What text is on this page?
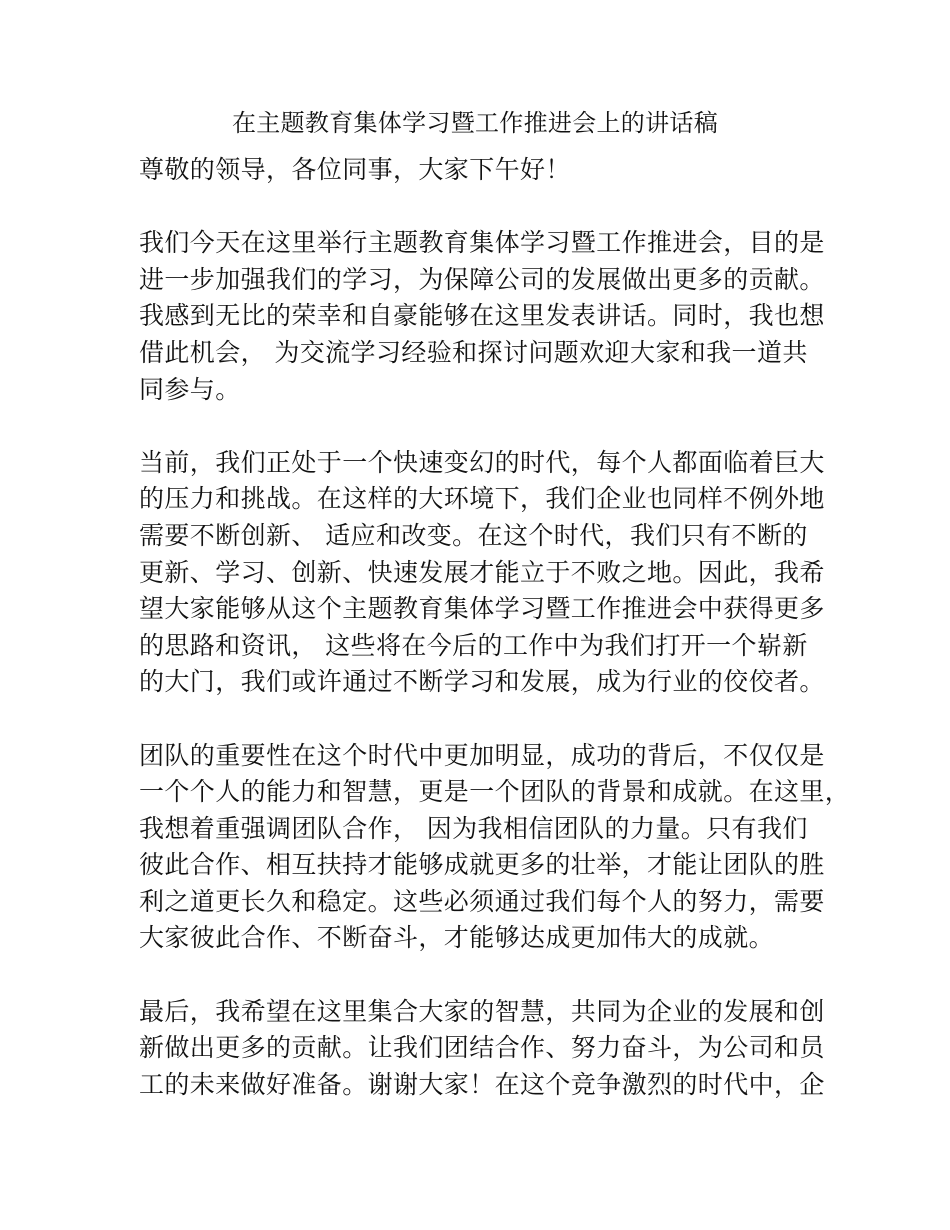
在主题教育集体学习暨工作推进会上的讲话稿
尊敬的领导，各位同事，大家下午好！
我们今天在这里举行主题教育集体学习暨工作推进会，目的是
进一步加强我们的学习，为保障公司的发展做出更多的贡献。
我感到无比的荣幸和自豪能够在这里发表讲话。同时，我也想
借此机会， 为交流学习经验和探讨问题欢迎大家和我一道共
同参与。
当前，我们正处于一个快速变幻的时代，每个人都面临着巨大
的压力和挑战。在这样的大环境下，我们企业也同样不例外地
需要不断创新、 适应和改变。在这个时代，我们只有不断的
更新、学习、创新、快速发展才能立于不败之地。因此，我希
望大家能够从这个主题教育集体学习暨工作推进会中获得更多
的思路和资讯， 这些将在今后的工作中为我们打开一个崭新
的大门，我们或许通过不断学习和发展，成为行业的佼佼者。
团队的重要性在这个时代中更加明显，成功的背后，不仅仅是
一个个人的能力和智慧，更是一个团队的背景和成就。在这里，
我想着重强调团队合作， 因为我相信团队的力量。只有我们
彼此合作、相互扶持才能够成就更多的壮举，才能让团队的胜
利之道更长久和稳定。这些必须通过我们每个人的努力，需要
大家彼此合作、不断奋斗，才能够达成更加伟大的成就。
最后，我希望在这里集合大家的智慧，共同为企业的发展和创
新做出更多的贡献。让我们团结合作、努力奋斗，为公司和员
工的未来做好准备。谢谢大家！在这个竞争激烈的时代中，企
